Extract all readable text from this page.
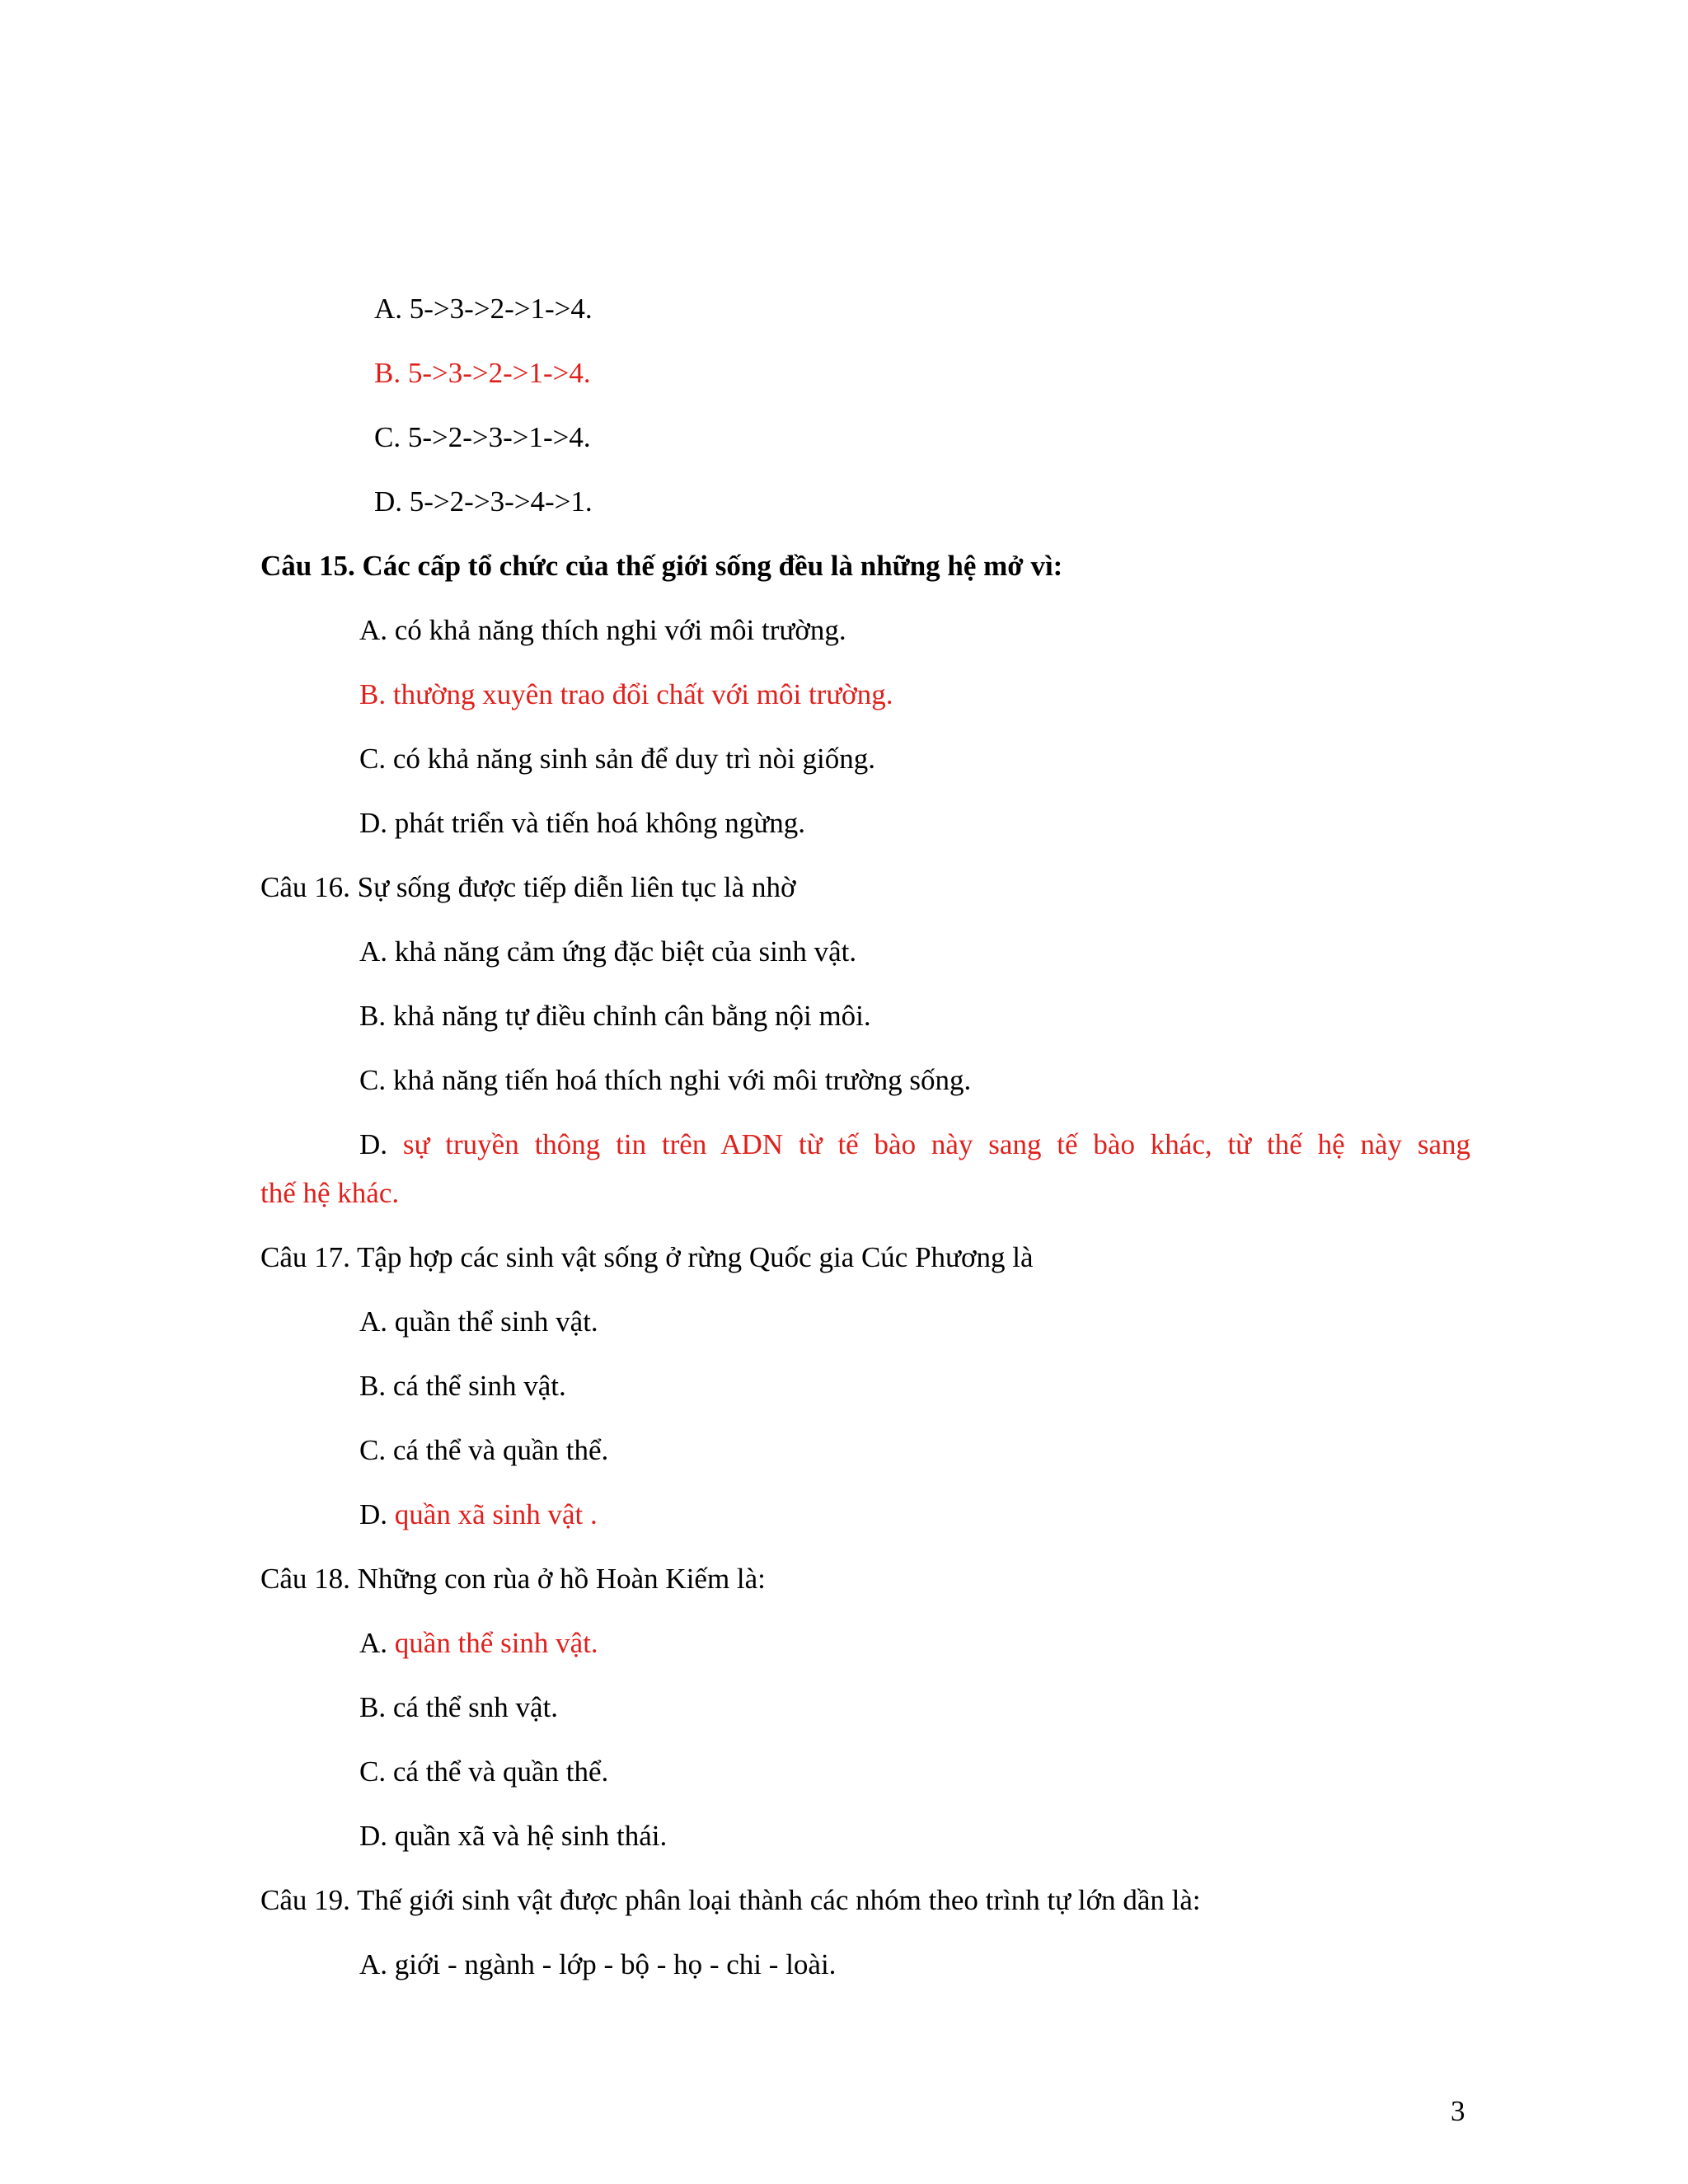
A. 5->3->2->1->4.
B. 5->3->2->1->4.
C. 5->2->3->1->4.
D. 5->2->3->4->1.
Câu 15. Các cấp tổ chức của thế giới sống đều là những hệ mở vì:
A. có khả năng thích nghi với môi trường.
B. thường xuyên trao đổi chất với môi trường.
C. có khả năng sinh sản để duy trì nòi giống.
D. phát triển và tiến hoá không ngừng.
Câu 16. Sự sống được tiếp diễn liên tục là nhờ
A. khả năng cảm ứng đặc biệt của sinh vật.
B. khả năng tự điều chỉnh cân bằng nội môi.
C. khả năng tiến hoá thích nghi với môi trường sống.
D. sự truyền thông tin trên ADN từ tế bào này sang tế bào khác, từ thế hệ này sang
thế hệ khác.
Câu 17. Tập hợp các sinh vật sống ở rừng Quốc gia Cúc Phương là
A. quần thể sinh vật.
B. cá thể sinh vật.
C. cá thể và quần thể.
D. quần xã sinh vật .
Câu 18. Những con rùa ở hồ Hoàn Kiếm là:
A. quần thể sinh vật.
B. cá thể snh vật.
C. cá thể và quần thể.
D. quần xã và hệ sinh thái.
Câu 19. Thế giới sinh vật được phân loại thành các nhóm theo trình tự lớn dần là:
A. giới - ngành - lớp - bộ - họ - chi - loài.
3
